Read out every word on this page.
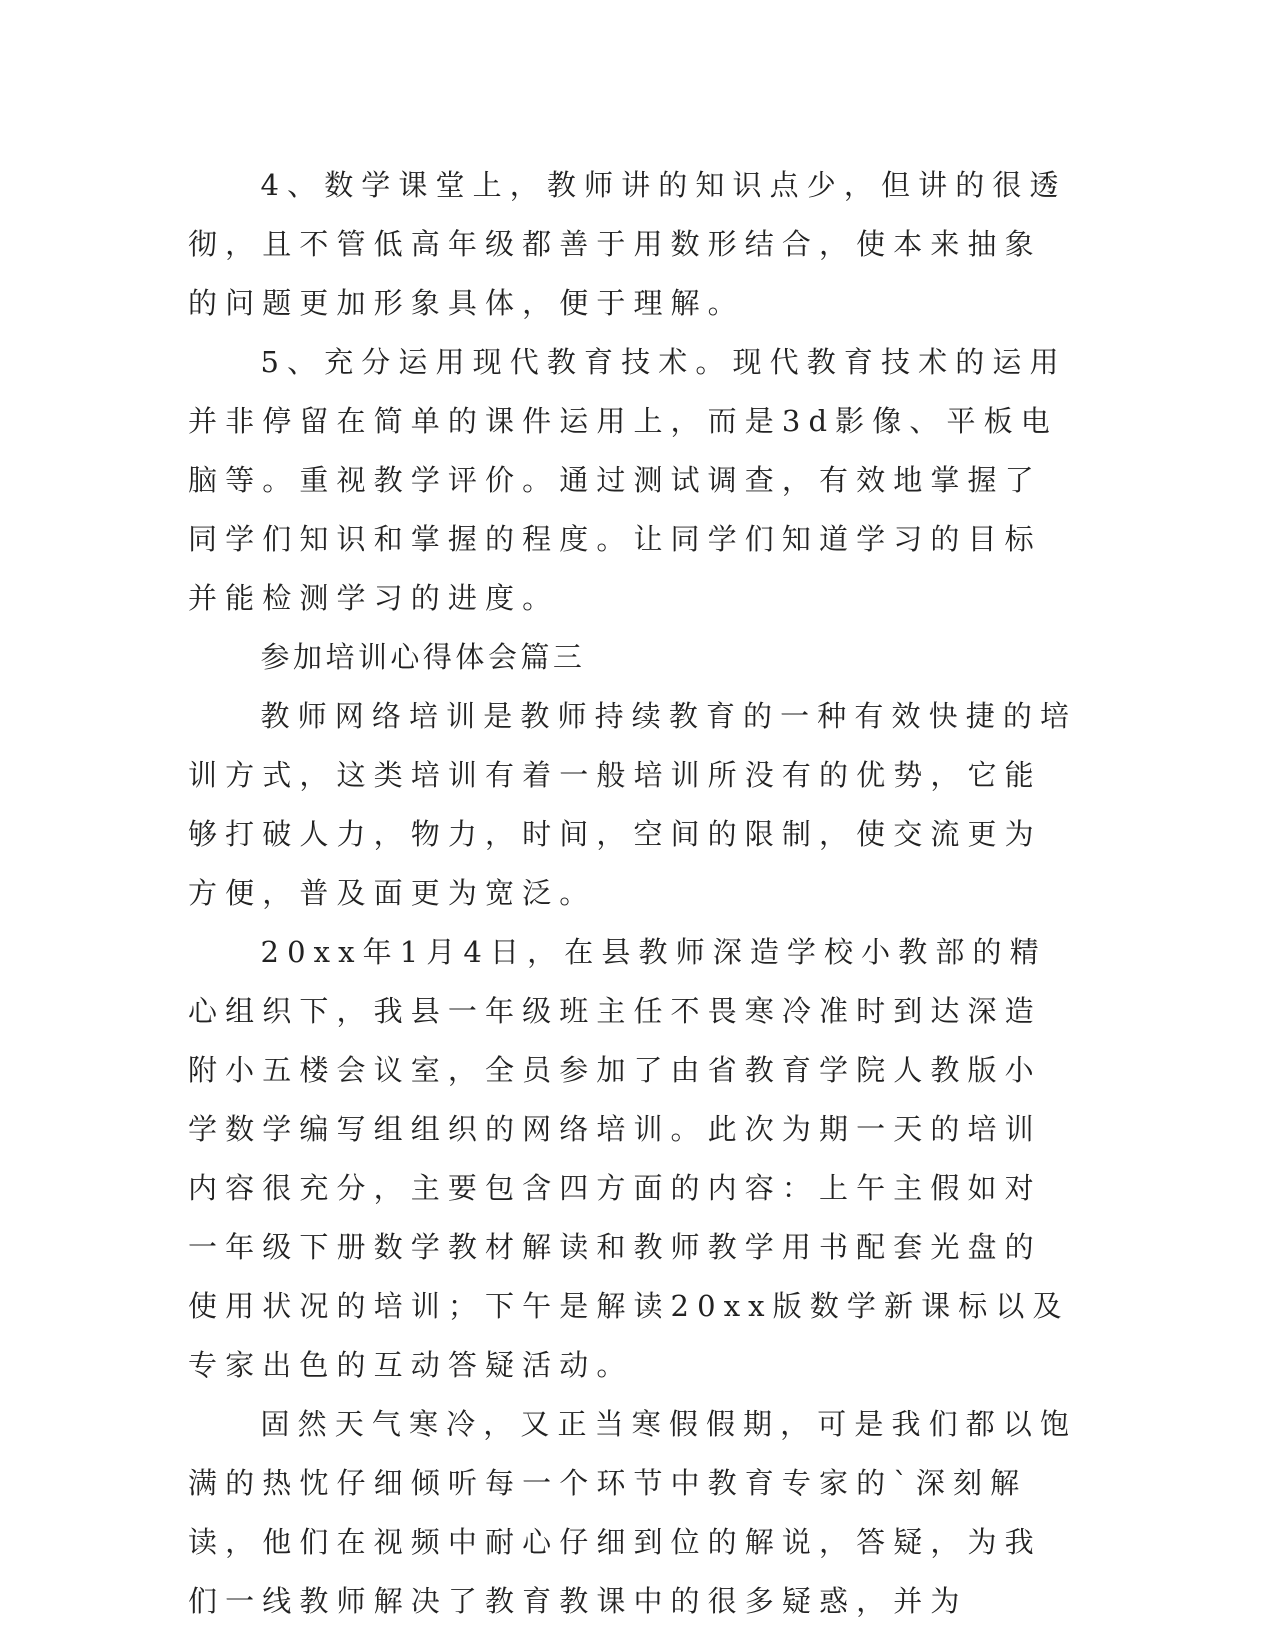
4、数学课堂上，教师讲的知识点少，但讲的很透彻，且不管低高年级都善于用数形结合，使本来抽象的问题更加形象具体，便于理解。

5、充分运用现代教育技术。现代教育技术的运用并非停留在简单的课件运用上，而是3d影像、平板电脑等。重视教学评价。通过测试调查，有效地掌握了同学们知识和掌握的程度。让同学们知道学习的目标并能检测学习的进度。

参加培训心得体会篇三

教师网络培训是教师持续教育的一种有效快捷的培训方式，这类培训有着一般培训所没有的优势，它能够打破人力，物力，时间，空间的限制，使交流更为方便，普及面更为宽泛。

20xx年1月4日，在县教师深造学校小教部的精心组织下，我县一年级班主任不畏寒冷准时到达深造附小五楼会议室，全员参加了由省教育学院人教版小学数学编写组组织的网络培训。此次为期一天的培训内容很充分，主要包含四方面的内容：上午主假如对一年级下册数学教材解读和教师教学用书配套光盘的使用状况的培训；下午是解读20xx版数学新课标以及专家出色的互动答疑活动。

固然天气寒冷，又正当寒假假期，可是我们都以饱满的热忱仔细倾听每一个环节中教育专家的`深刻解读，他们在视频中耐心仔细到位的解说，答疑，为我们一线教师解决了教育教课中的很多疑惑，并为
